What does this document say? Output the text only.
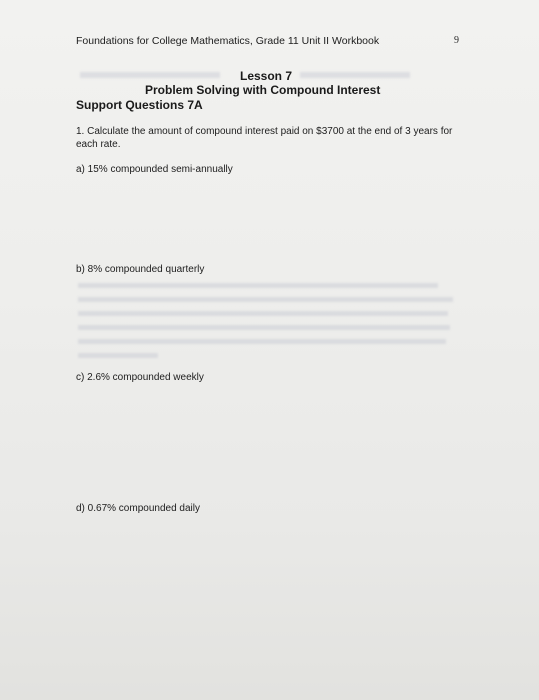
Foundations for College Mathematics, Grade 11 Unit II Workbook	9
Lesson 7
Problem Solving with Compound Interest
Support Questions 7A
1. Calculate the amount of compound interest paid on $3700 at the end of 3 years for each rate.
a) 15% compounded semi-annually
b) 8% compounded quarterly
c) 2.6% compounded weekly
d) 0.67% compounded daily
